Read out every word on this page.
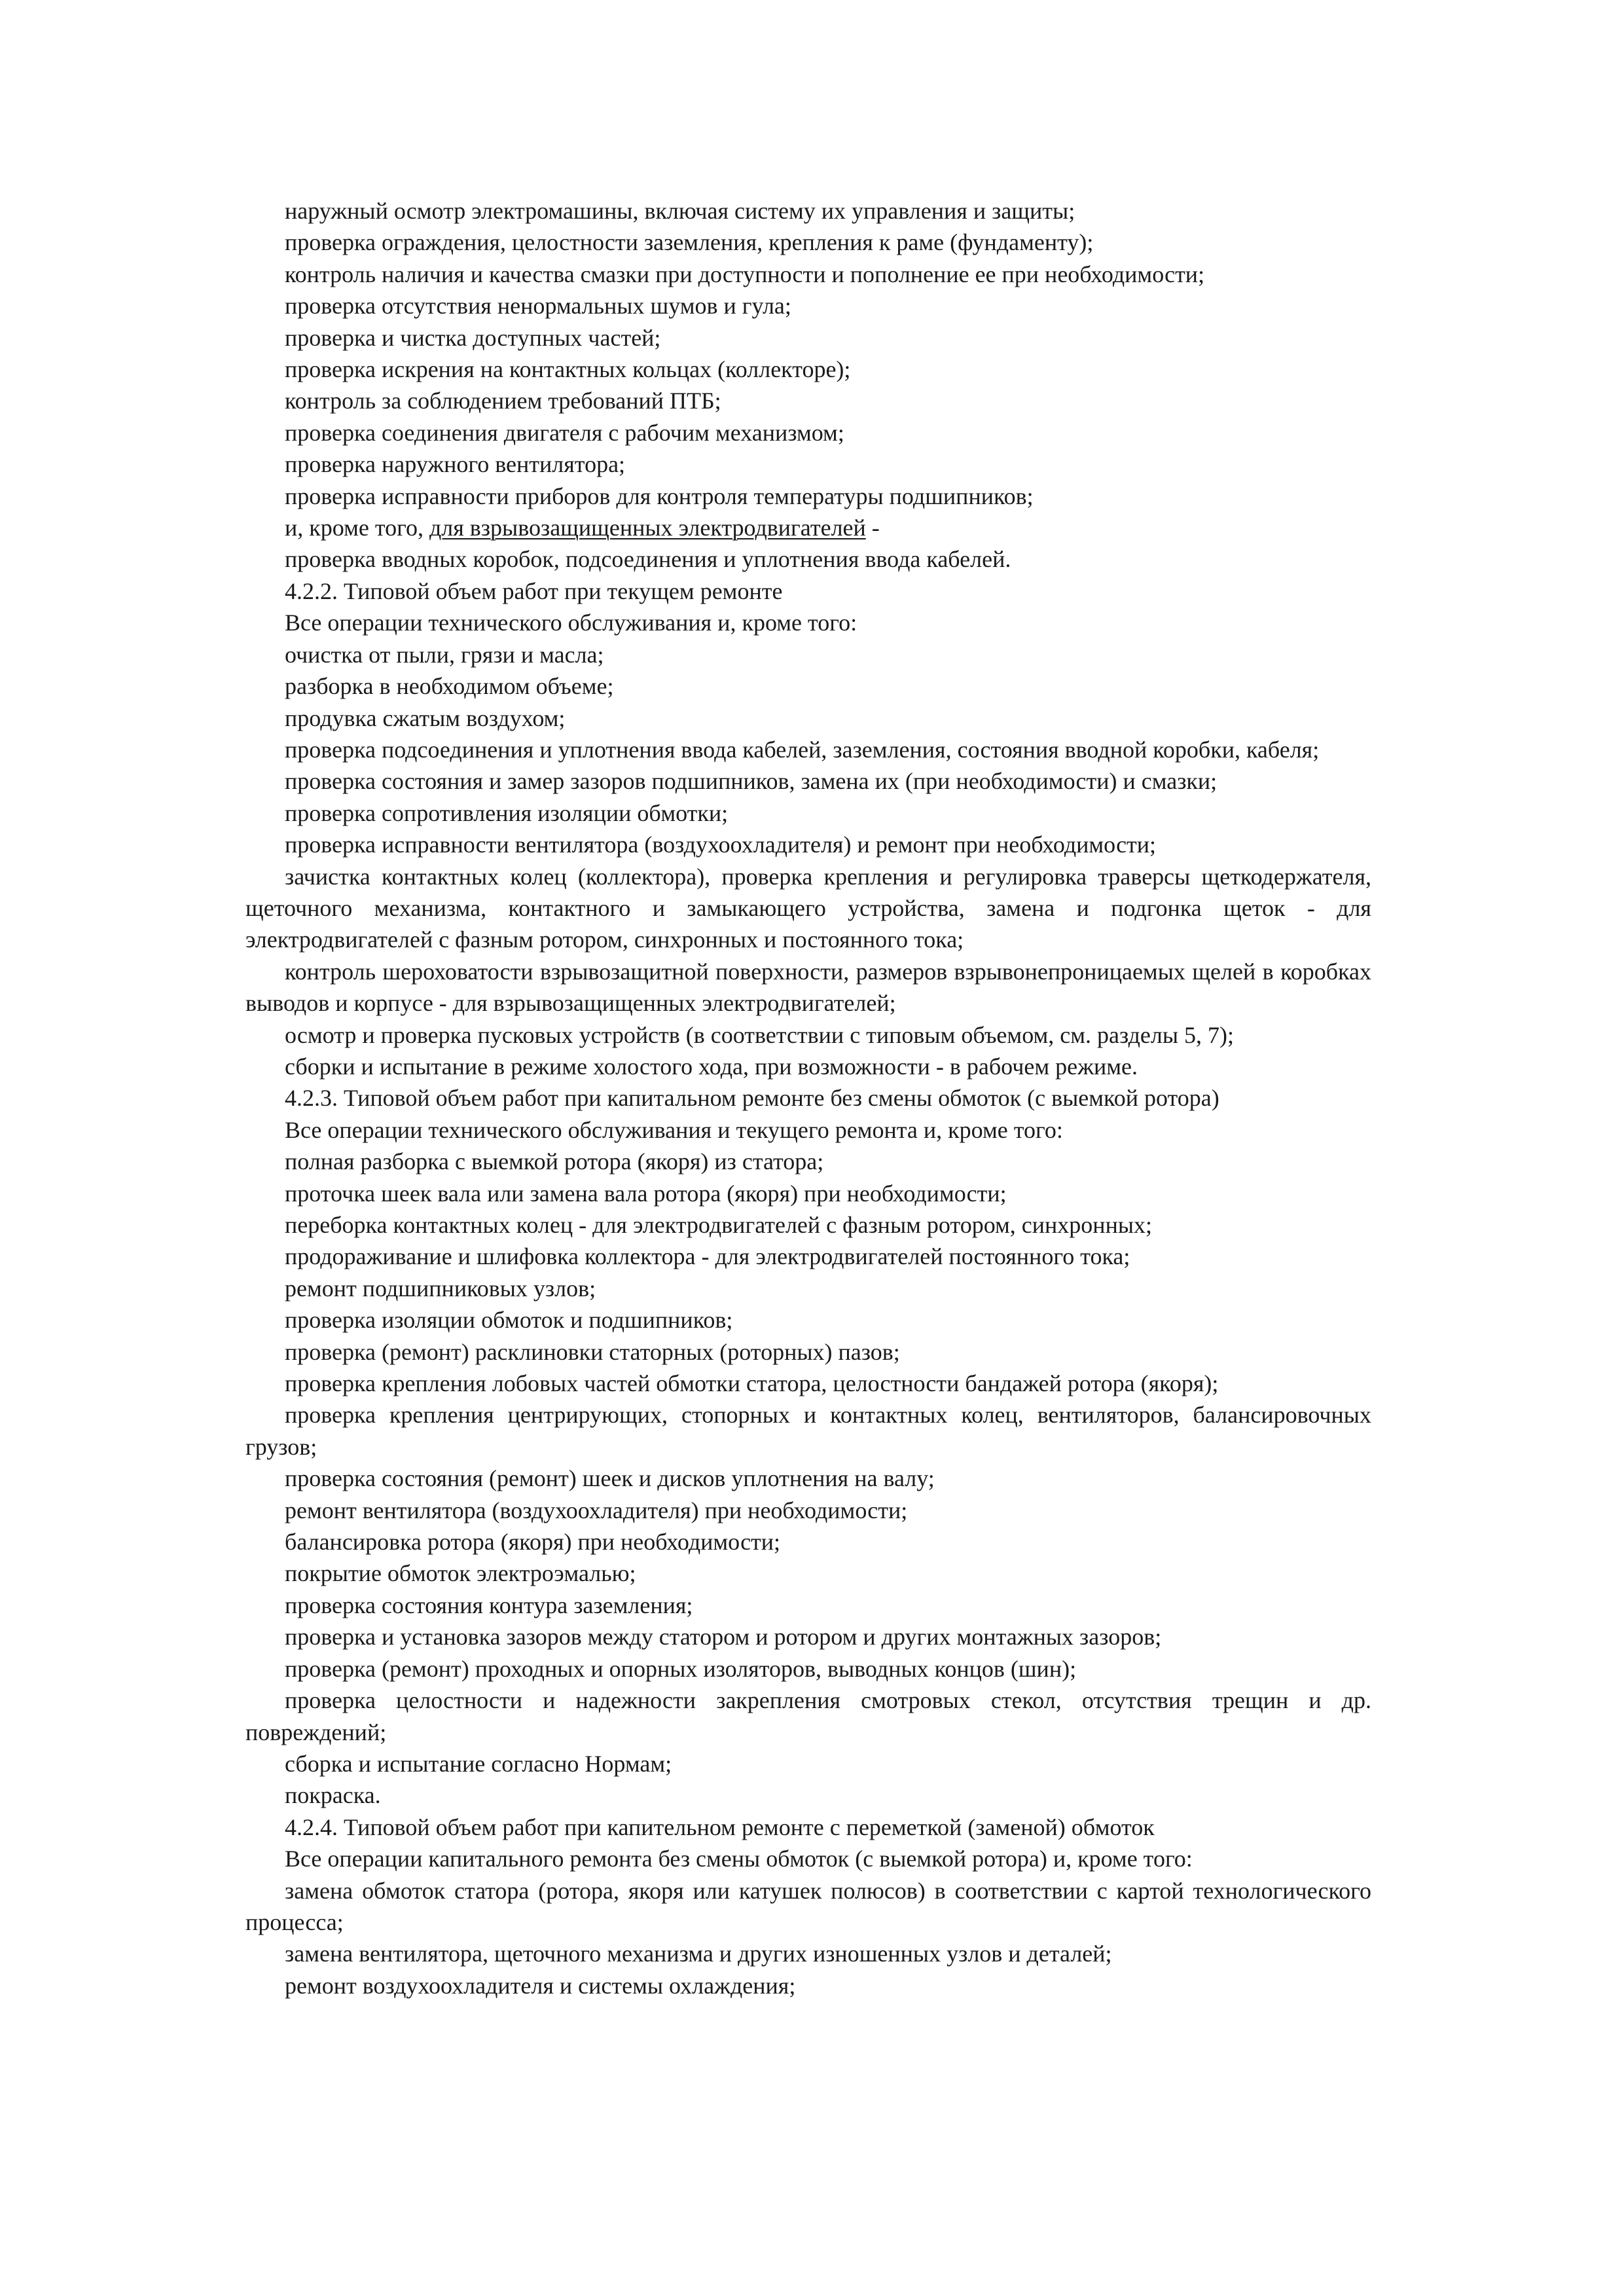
наружный осмотр электромашины, включая систему их управления и защиты;

проверка ограждения, целостности заземления, крепления к раме (фундаменту);

контроль наличия и качества смазки при доступности и пополнение ее при необходимости;

проверка отсутствия ненормальных шумов и гула;

проверка и чистка доступных частей;

проверка искрения на контактных кольцах (коллекторе);

контроль за соблюдением требований ПТБ;

проверка соединения двигателя с рабочим механизмом;

проверка наружного вентилятора;

проверка исправности приборов для контроля температуры подшипников;

и, кроме того, для взрывозащищенных электродвигателей -

проверка вводных коробок, подсоединения и уплотнения ввода кабелей.

4.2.2. Типовой объем работ при текущем ремонте

Все операции технического обслуживания и, кроме того:

очистка от пыли, грязи и масла;

разборка в необходимом объеме;

продувка сжатым воздухом;

проверка подсоединения и уплотнения ввода кабелей, заземления, состояния вводной коробки, кабеля;

проверка состояния и замер зазоров подшипников, замена их (при необходимости) и смазки;

проверка сопротивления изоляции обмотки;

проверка исправности вентилятора (воздухоохладителя) и ремонт при необходимости;

зачистка контактных колец (коллектора), проверка крепления и регулировка траверсы щеткодержателя, щеточного механизма, контактного и замыкающего устройства, замена и подгонка щеток - для электродвигателей с фазным ротором, синхронных и постоянного тока;

контроль шероховатости взрывозащитной поверхности, размеров взрывонепроницаемых щелей в коробках выводов и корпусе - для взрывозащищенных электродвигателей;

осмотр и проверка пусковых устройств (в соответствии с типовым объемом, см. разделы 5, 7);

сборки и испытание в режиме холостого хода, при возможности - в рабочем режиме.

4.2.3. Типовой объем работ при капитальном ремонте без смены обмоток (с выемкой ротора)

Все операции технического обслуживания и текущего ремонта и, кроме того:

полная разборка с выемкой ротора (якоря) из статора;

проточка шеек вала или замена вала ротора (якоря) при необходимости;

переборка контактных колец - для электродвигателей с фазным ротором, синхронных;

продораживание и шлифовка коллектора - для электродвигателей постоянного тока;

ремонт подшипниковых узлов;

проверка изоляции обмоток и подшипников;

проверка (ремонт) расклиновки статорных (роторных) пазов;

проверка крепления лобовых частей обмотки статора, целостности бандажей ротора (якоря);

проверка крепления центрирующих, стопорных и контактных колец, вентиляторов, балансировочных грузов;

проверка состояния (ремонт) шеек и дисков уплотнения на валу;

ремонт вентилятора (воздухоохладителя) при необходимости;

балансировка ротора (якоря) при необходимости;

покрытие обмоток электроэмалью;

проверка состояния контура заземления;

проверка и установка зазоров между статором и ротором и других монтажных зазоров;

проверка (ремонт) проходных и опорных изоляторов, выводных концов (шин);

проверка целостности и надежности закрепления смотровых стекол, отсутствия трещин и др. повреждений;

сборка и испытание согласно Нормам;

покраска.

4.2.4. Типовой объем работ при капительном ремонте с переметкой (заменой) обмоток

Все операции капитального ремонта без смены обмоток (с выемкой ротора) и, кроме того:

замена обмоток статора (ротора, якоря или катушек полюсов) в соответствии с картой технологического процесса;

замена вентилятора, щеточного механизма и других изношенных узлов и деталей;

ремонт воздухоохладителя и системы охлаждения;
